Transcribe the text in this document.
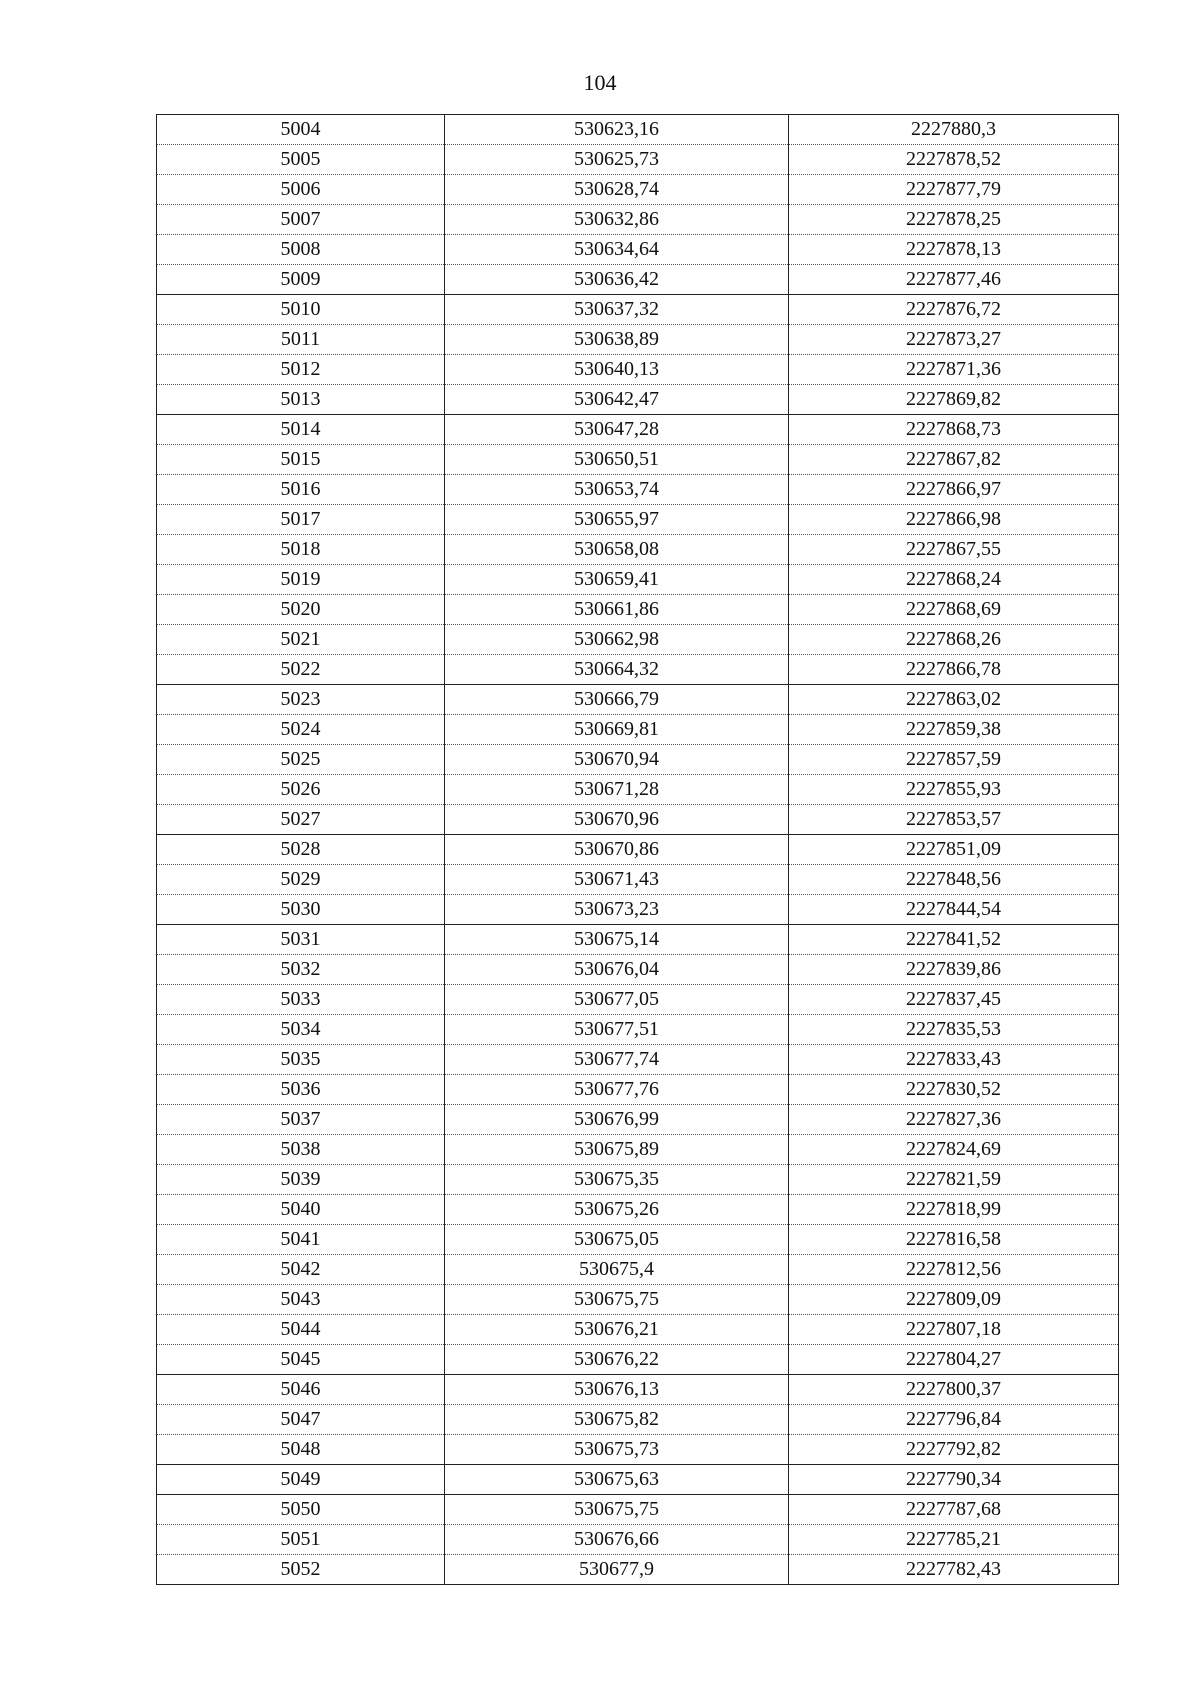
104
5004	530623,16	2227880,3
5005	530625,73	2227878,52
5006	530628,74	2227877,79
5007	530632,86	2227878,25
5008	530634,64	2227878,13
5009	530636,42	2227877,46
5010	530637,32	2227876,72
5011	530638,89	2227873,27
5012	530640,13	2227871,36
5013	530642,47	2227869,82
5014	530647,28	2227868,73
5015	530650,51	2227867,82
5016	530653,74	2227866,97
5017	530655,97	2227866,98
5018	530658,08	2227867,55
5019	530659,41	2227868,24
5020	530661,86	2227868,69
5021	530662,98	2227868,26
5022	530664,32	2227866,78
5023	530666,79	2227863,02
5024	530669,81	2227859,38
5025	530670,94	2227857,59
5026	530671,28	2227855,93
5027	530670,96	2227853,57
5028	530670,86	2227851,09
5029	530671,43	2227848,56
5030	530673,23	2227844,54
5031	530675,14	2227841,52
5032	530676,04	2227839,86
5033	530677,05	2227837,45
5034	530677,51	2227835,53
5035	530677,74	2227833,43
5036	530677,76	2227830,52
5037	530676,99	2227827,36
5038	530675,89	2227824,69
5039	530675,35	2227821,59
5040	530675,26	2227818,99
5041	530675,05	2227816,58
5042	530675,4	2227812,56
5043	530675,75	2227809,09
5044	530676,21	2227807,18
5045	530676,22	2227804,27
5046	530676,13	2227800,37
5047	530675,82	2227796,84
5048	530675,73	2227792,82
5049	530675,63	2227790,34
5050	530675,75	2227787,68
5051	530676,66	2227785,21
5052	530677,9	2227782,43
